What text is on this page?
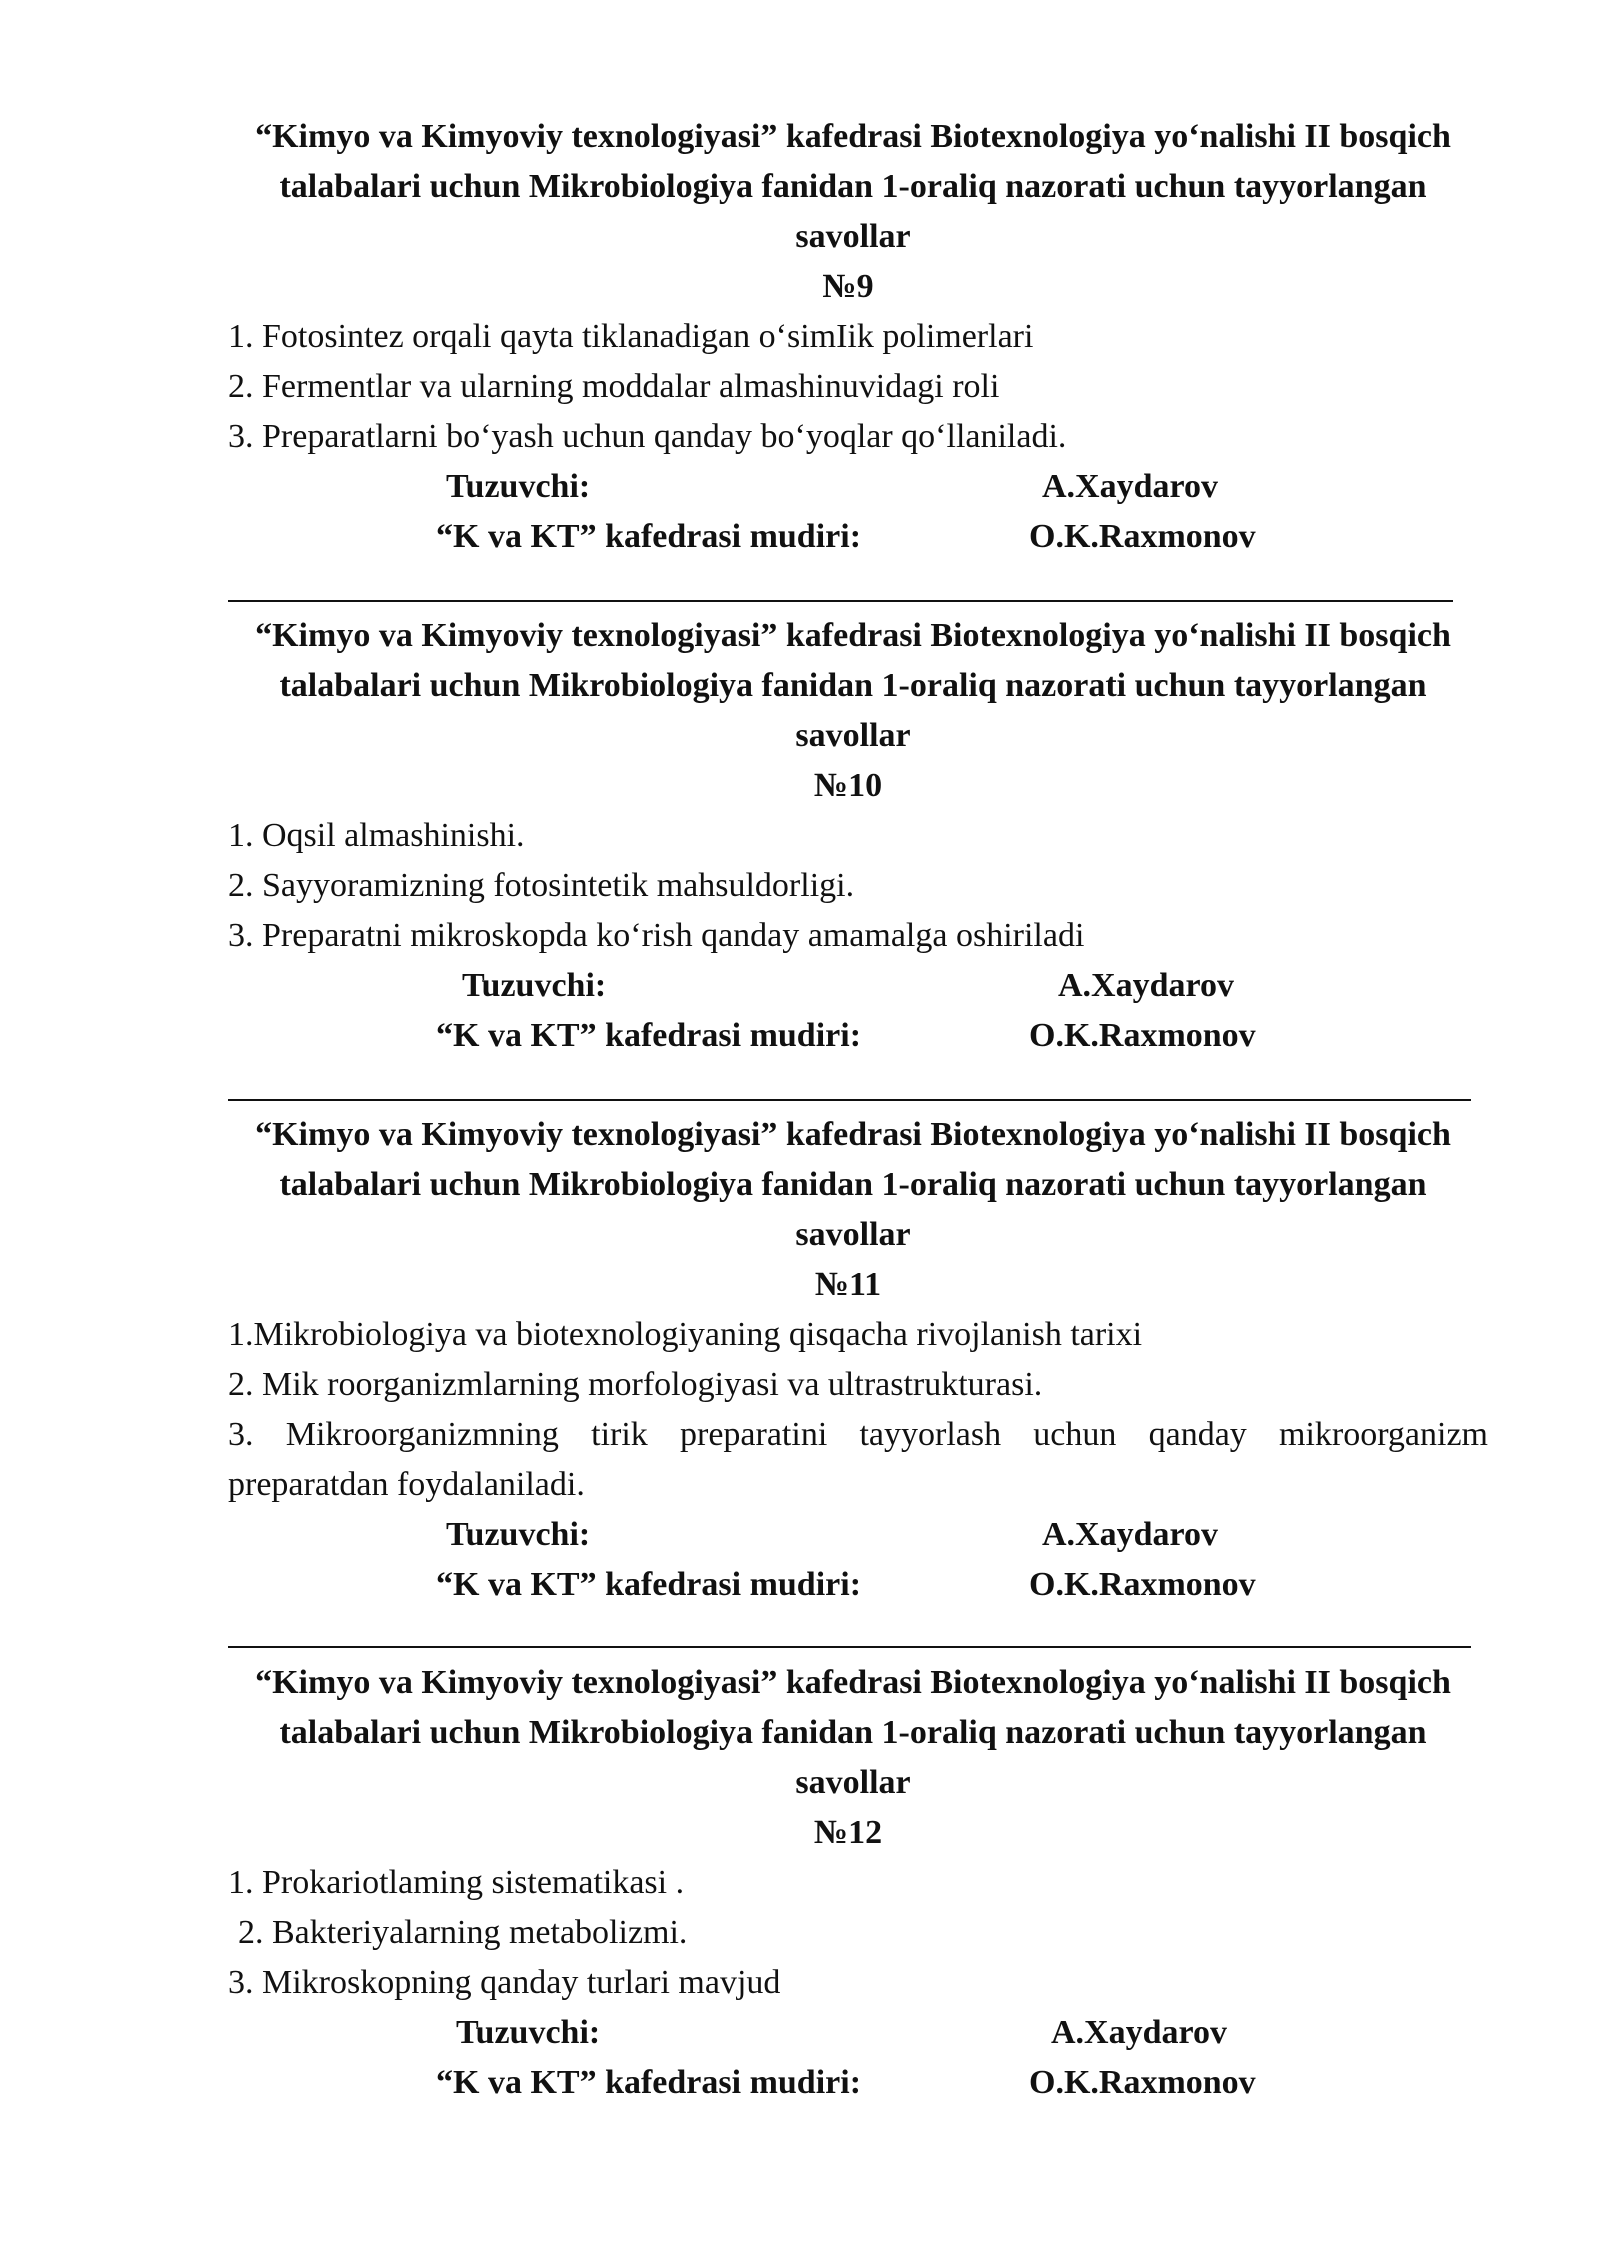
“Kimyo va Kimyoviy texnologiyasi” kafedrasi Biotexnologiya yo‘nalishi II bosqich talabalari uchun Mikrobiologiya fanidan 1-oraliq nazorati uchun tayyorlangan savollar
№9
1. Fotosintez orqali qayta tiklanadigan o‘simIik polimerlari
2. Fermentlar va ularning moddalar almashinuvidagi roli
3. Preparatlarni bo‘yash uchun qanday bo‘yoqlar qo‘llaniladi.
Tuzuvchi:	A.Xaydarov
“K va KT” kafedrasi mudiri:	O.K.Raxmonov
“Kimyo va Kimyoviy texnologiyasi” kafedrasi Biotexnologiya yo‘nalishi II bosqich talabalari uchun Mikrobiologiya fanidan 1-oraliq nazorati uchun tayyorlangan savollar
№10
1. Oqsil almashinishi.
2. Sayyoramizning fotosintetik mahsuldorligi.
3. Preparatni mikroskopda ko‘rish qanday amamalga oshiriladi
Tuzuvchi:	A.Xaydarov
“K va KT” kafedrasi mudiri:	O.K.Raxmonov
“Kimyo va Kimyoviy texnologiyasi” kafedrasi Biotexnologiya yo‘nalishi II bosqich talabalari uchun Mikrobiologiya fanidan 1-oraliq nazorati uchun tayyorlangan savollar
№11
1.Mikrobiologiya va biotexnologiyaning qisqacha rivojlanish tarixi
2. Mik roorganizmlarning morfologiyasi va ultrastrukturasi.
3. Mikroorganizmning tirik preparatini tayyorlash uchun qanday mikroorganizm preparatdan foydalaniladi.
Tuzuvchi:	A.Xaydarov
“K va KT” kafedrasi mudiri:	O.K.Raxmonov
“Kimyo va Kimyoviy texnologiyasi” kafedrasi Biotexnologiya yo‘nalishi II bosqich talabalari uchun Mikrobiologiya fanidan 1-oraliq nazorati uchun tayyorlangan savollar
№12
1. Prokariotlaming sistematikasi .
2. Bakteriyalarning metabolizmi.
3. Mikroskopning qanday turlari mavjud
Tuzuvchi:	A.Xaydarov
“K va KT” kafedrasi mudiri:	O.K.Raxmonov
